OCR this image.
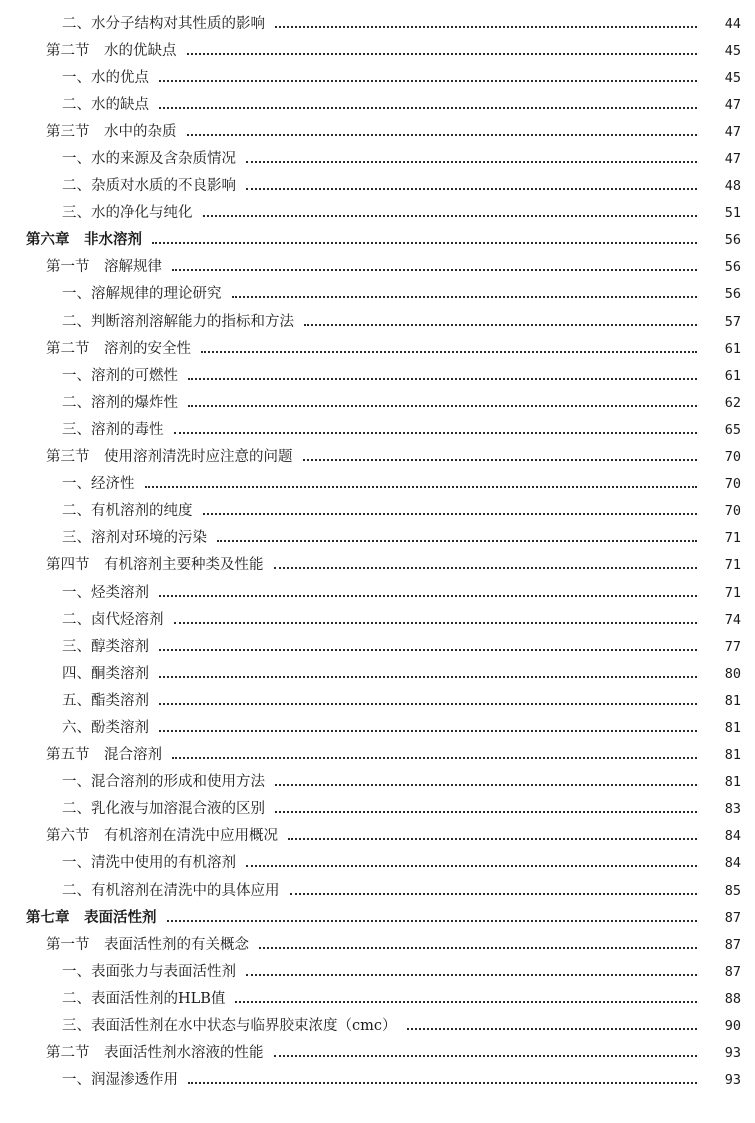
二、水分子结构对其性质的影响	44
第二节　水的优缺点	45
一、水的优点	45
二、水的缺点	47
第三节　水中的杂质	47
一、水的来源及含杂质情况	47
二、杂质对水质的不良影响	48
三、水的净化与纯化	51
第六章　非水溶剂	56
第一节　溶解规律	56
一、溶解规律的理论研究	56
二、判断溶剂溶解能力的指标和方法	57
第二节　溶剂的安全性	61
一、溶剂的可燃性	61
二、溶剂的爆炸性	62
三、溶剂的毒性	65
第三节　使用溶剂清洗时应注意的问题	70
一、经济性	70
二、有机溶剂的纯度	70
三、溶剂对环境的污染	71
第四节　有机溶剂主要种类及性能	71
一、烃类溶剂	71
二、卤代烃溶剂	74
三、醇类溶剂	77
四、酮类溶剂	80
五、酯类溶剂	81
六、酚类溶剂	81
第五节　混合溶剂	81
一、混合溶剂的形成和使用方法	81
二、乳化液与加溶混合液的区别	83
第六节　有机溶剂在清洗中应用概况	84
一、清洗中使用的有机溶剂	84
二、有机溶剂在清洗中的具体应用	85
第七章　表面活性剂	87
第一节　表面活性剂的有关概念	87
一、表面张力与表面活性剂	87
二、表面活性剂的HLB值	88
三、表面活性剂在水中状态与临界胶束浓度（cmc）	90
第二节　表面活性剂水溶液的性能	93
一、润湿渗透作用	93
